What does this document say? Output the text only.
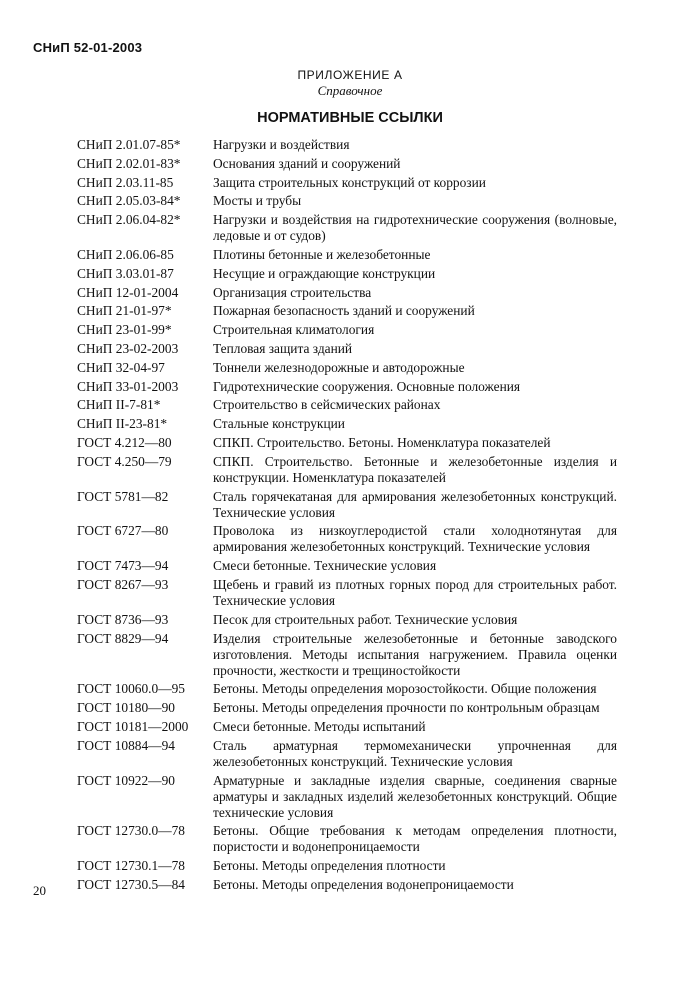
СНиП 52-01-2003
ПРИЛОЖЕНИЕ А
Справочное
НОРМАТИВНЫЕ ССЫЛКИ
СНиП 2.01.07-85*	Нагрузки и воздействия
СНиП 2.02.01-83*	Основания зданий и сооружений
СНиП 2.03.11-85	Защита строительных конструкций от коррозии
СНиП 2.05.03-84*	Мосты и трубы
СНиП 2.06.04-82*	Нагрузки и воздействия на гидротехнические сооружения (волновые, ледовые и от судов)
СНиП 2.06.06-85	Плотины бетонные и железобетонные
СНиП 3.03.01-87	Несущие и ограждающие конструкции
СНиП 12-01-2004	Организация строительства
СНиП 21-01-97*	Пожарная безопасность зданий и сооружений
СНиП 23-01-99*	Строительная климатология
СНиП 23-02-2003	Тепловая защита зданий
СНиП 32-04-97	Тоннели железнодорожные и автодорожные
СНиП 33-01-2003	Гидротехнические сооружения. Основные положения
СНиП II-7-81*	Строительство в сейсмических районах
СНиП II-23-81*	Стальные конструкции
ГОСТ 4.212—80	СПКП. Строительство. Бетоны. Номенклатура показателей
ГОСТ 4.250—79	СПКП. Строительство. Бетонные и железобетонные изделия и конструкции. Номенклатура показателей
ГОСТ 5781—82	Сталь горячекатаная для армирования железобетонных конструкций. Технические условия
ГОСТ 6727—80	Проволока из низкоуглеродистой стали холоднотянутая для армирования железобетонных конструкций. Технические условия
ГОСТ 7473—94	Смеси бетонные. Технические условия
ГОСТ 8267—93	Щебень и гравий из плотных горных пород для строительных работ. Технические условия
ГОСТ 8736—93	Песок для строительных работ. Технические условия
ГОСТ 8829—94	Изделия строительные железобетонные и бетонные заводского изготовления. Методы испытания нагружением. Правила оценки прочности, жесткости и трещиностойкости
ГОСТ 10060.0—95	Бетоны. Методы определения морозостойкости. Общие положения
ГОСТ 10180—90	Бетоны. Методы определения прочности по контрольным образцам
ГОСТ 10181—2000	Смеси бетонные. Методы испытаний
ГОСТ 10884—94	Сталь арматурная термомеханически упрочненная для железобетонных конструкций. Технические условия
ГОСТ 10922—90	Арматурные и закладные изделия сварные, соединения сварные арматуры и закладных изделий железобетонных конструкций. Общие технические условия
ГОСТ 12730.0—78	Бетоны. Общие требования к методам определения плотности, пористости и водонепроницаемости
ГОСТ 12730.1—78	Бетоны. Методы определения плотности
ГОСТ 12730.5—84	Бетоны. Методы определения водонепроницаемости
20
